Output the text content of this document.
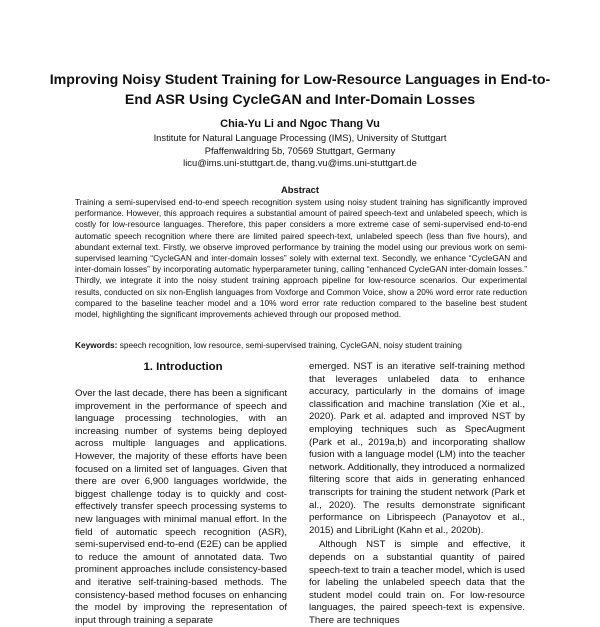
Improving Noisy Student Training for Low-Resource Languages in End-to-End ASR Using CycleGAN and Inter-Domain Losses
Chia-Yu Li and Ngoc Thang Vu
Institute for Natural Language Processing (IMS), University of Stuttgart
Pfaffenwaldring 5b, 70569 Stuttgart, Germany
licu@ims.uni-stuttgart.de, thang.vu@ims.uni-stuttgart.de
Abstract
Training a semi-supervised end-to-end speech recognition system using noisy student training has significantly improved performance. However, this approach requires a substantial amount of paired speech-text and unlabeled speech, which is costly for low-resource languages. Therefore, this paper considers a more extreme case of semi-supervised end-to-end automatic speech recognition where there are limited paired speech-text, unlabeled speech (less than five hours), and abundant external text. Firstly, we observe improved performance by training the model using our previous work on semi-supervised learning “CycleGAN and inter-domain losses” solely with external text. Secondly, we enhance “CycleGAN and inter-domain losses” by incorporating automatic hyperparameter tuning, calling “enhanced CycleGAN inter-domain losses.” Thirdly, we integrate it into the noisy student training approach pipeline for low-resource scenarios. Our experimental results, conducted on six non-English languages from Voxforge and Common Voice, show a 20% word error rate reduction compared to the baseline teacher model and a 10% word error rate reduction compared to the baseline best student model, highlighting the significant improvements achieved through our proposed method.
Keywords: speech recognition, low resource, semi-supervised training, CycleGAN, noisy student training
1. Introduction

Over the last decade, there has been a significant improvement in the performance of speech and language processing technologies, with an increasing number of systems being deployed across multiple languages and applications. However, the majority of these efforts have been focused on a limited set of languages. Given that there are over 6,900 languages worldwide, the biggest challenge today is to quickly and cost-effectively transfer speech processing systems to new languages with minimal manual effort. In the field of automatic speech recognition (ASR), semi-supervised end-to-end (E2E) can be applied to reduce the amount of annotated data. Two prominent approaches include consistency-based and iterative self-training-based methods. The consistency-based method focuses on enhancing the model by improving the representation of input through training a separate

emerged. NST is an iterative self-training method that leverages unlabeled data to enhance accuracy, particularly in the domains of image classification and machine translation (Xie et al., 2020). Park et al. adapted and improved NST by employing techniques such as SpecAugment (Park et al., 2019a,b) and incorporating shallow fusion with a language model (LM) into the teacher network. Additionally, they introduced a normalized filtering score that aids in generating enhanced transcripts for training the student network (Park et al., 2020). The results demonstrate significant performance on Librispeech (Panayotov et al., 2015) and LibriLight (Kahn et al., 2020b).

Although NST is simple and effective, it depends on a substantial quantity of paired speech-text to train a teacher model, which is used for labeling the unlabeled speech data that the student model could train on. For low-resource languages, the paired speech-text is expensive. There are techniques
